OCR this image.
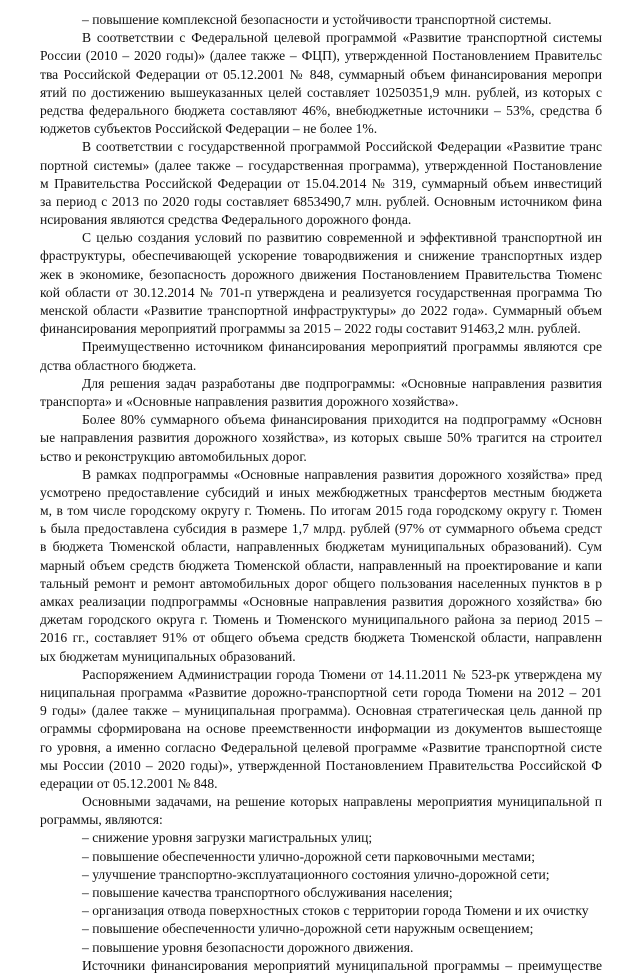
– повышение комплексной безопасности и устойчивости транспортной системы.
В соответствии с Федеральной целевой программой «Развитие транспортной системы
России (2010 – 2020 годы)» (далее также – ФЦП), утвержденной Постановлением Правительс
тва Российской Федерации от 05.12.2001 № 848, суммарный объем финансирования меропри
ятий по достижению вышеуказанных целей составляет 10250351,9 млн. рублей, из которых с
редства федерального бюджета составляют 46%, внебюджетные источники – 53%, средства б
юджетов субъектов Российской Федерации – не более 1%.
В соответствии с государственной программой Российской Федерации «Развитие транс
портной системы» (далее также – государственная программа), утвержденной Постановление
м Правительства Российской Федерации от 15.04.2014 № 319, суммарный объем инвестиций
за период с 2013 по 2020 годы составляет 6853490,7 млн. рублей. Основным источником фина
нсирования являются средства Федерального дорожного фонда.
С целью создания условий по развитию современной и эффективной транспортной ин
фраструктуры, обеспечивающей ускорение товародвижения и снижение транспортных издер
жек в экономике, безопасность дорожного движения Постановлением Правительства Тюменс
кой области от 30.12.2014 № 701-п утверждена и реализуется государственная программа Тю
менской области «Развитие транспортной инфраструктуры» до 2022 года». Суммарный объем
финансирования мероприятий программы за 2015 – 2022 годы составит 91463,2 млн. рублей.
Преимущественно источником финансирования мероприятий программы являются сре
дства областного бюджета.
Для решения задач разработаны две подпрограммы: «Основные направления развития
транспорта» и «Основные направления развития дорожного хозяйства».
Более 80% суммарного объема финансирования приходится на подпрограмму «Основн
ые направления развития дорожного хозяйства», из которых свыше 50% трагится на строител
ьство и реконструкцию автомобильных дорог.
В рамках подпрограммы «Основные направления развития дорожного хозяйства» пред
усмотрено предоставление субсидий и иных межбюджетных трансфертов местным бюджета
м, в том числе городскому округу г. Тюмень. По итогам 2015 года городскому округу г. Тюмен
ь была предоставлена субсидия в размере 1,7 млрд. рублей (97% от суммарного объема средст
в бюджета Тюменской области, направленных бюджетам муниципальных образований). Сум
марный объем средств бюджета Тюменской области, направленный на проектирование и капи
тальный ремонт и ремонт автомобильных дорог общего пользования населенных пунктов в р
амках реализации подпрограммы «Основные направления развития дорожного хозяйства» бю
джетам городского округа г. Тюмень и Тюменского муниципального района за период 2015 –
2016 гг., составляет 91% от общего объема средств бюджета Тюменской области, направленн
ых бюджетам муниципальных образований.
Распоряжением Администрации города Тюмени от 14.11.2011 № 523-рк утверждена му
ниципальная программа «Развитие дорожно-транспортной сети города Тюмени на 2012 – 201
9 годы» (далее также – муниципальная программа). Основная стратегическая цель данной пр
ограммы сформирована на основе преемственности информации из документов вышестояще
го уровня, а именно согласно Федеральной целевой программе «Развитие транспортной систе
мы России (2010 – 2020 годы)», утвержденной Постановлением Правительства Российской Ф
едерации от 05.12.2001 № 848.
Основными задачами, на решение которых направлены мероприятия муниципальной п
рограммы, являются:
– снижение уровня загрузки магистральных улиц;
– повышение обеспеченности улично-дорожной сети парковочными местами;
– улучшение транспортно-эксплуатационного состояния улично-дорожной сети;
– повышение качества транспортного обслуживания населения;
– организация отвода поверхностных стоков с территории города Тюмени и их очистку
– повышение обеспеченности улично-дорожной сети наружным освещением;
– повышение уровня безопасности дорожного движения.
Источники финансирования мероприятий муниципальной программы – преимуществе
